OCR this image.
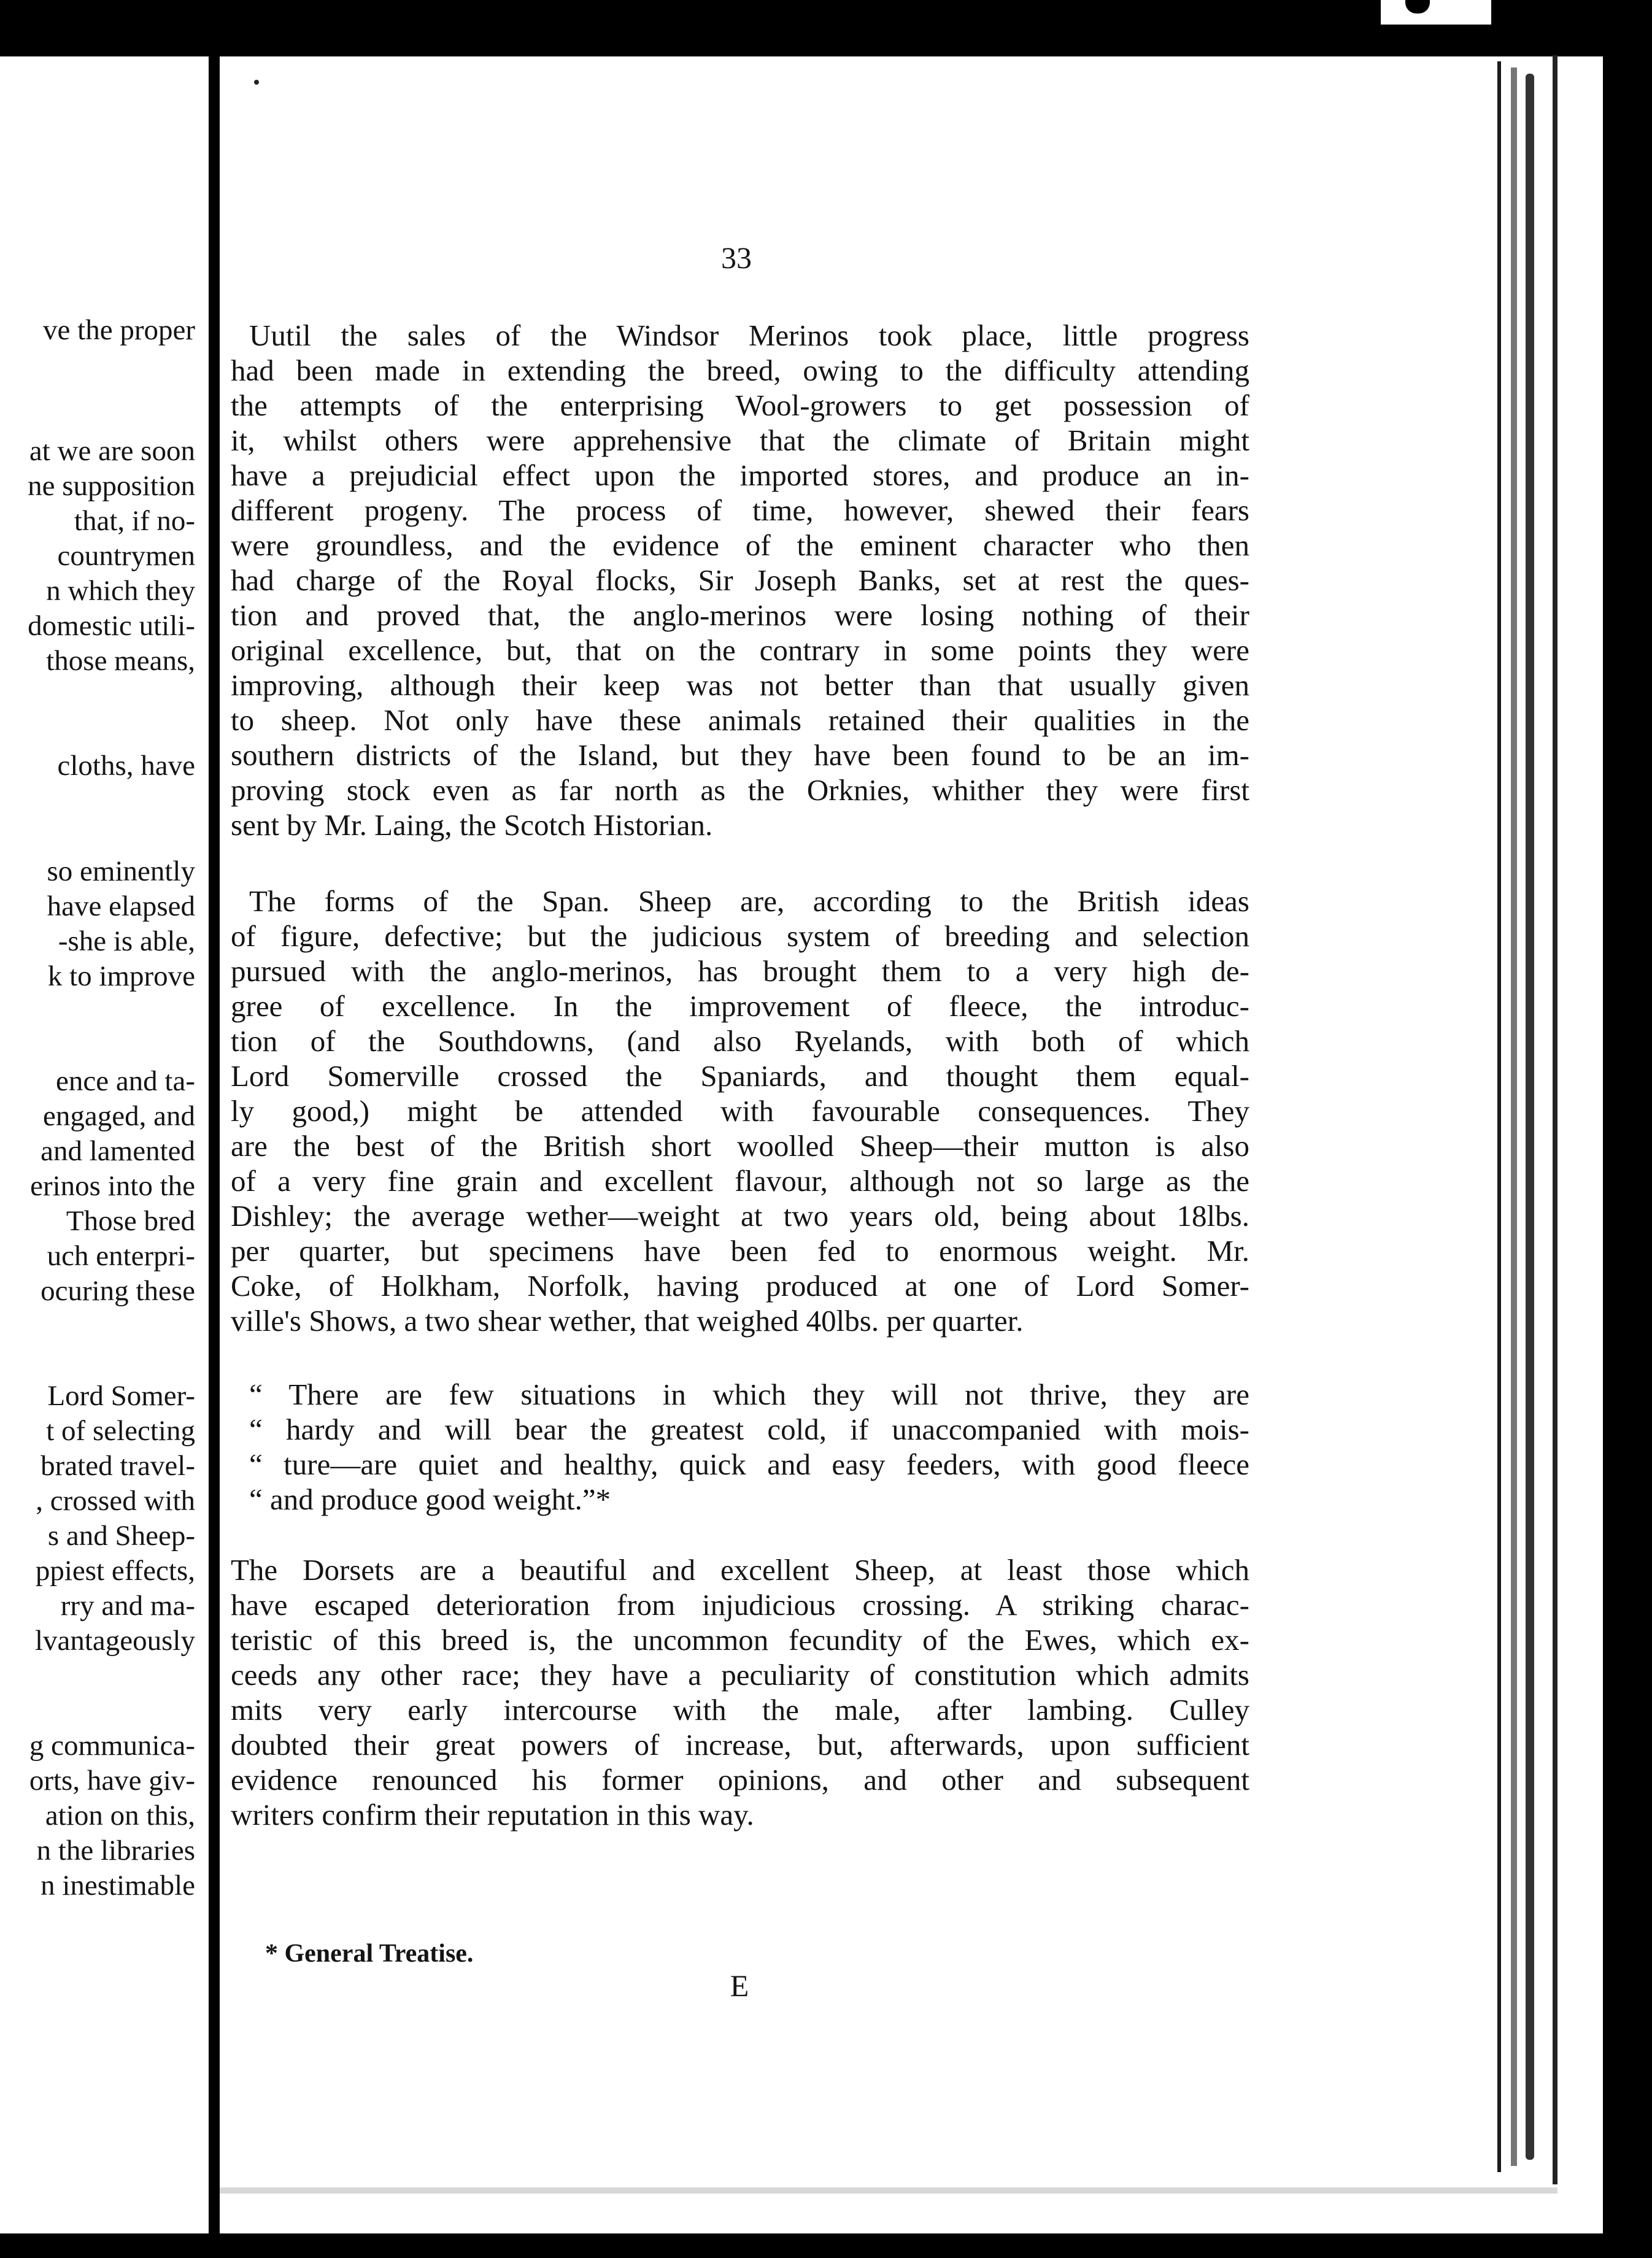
ve the proper
at we are soon
ne supposition
that, if no-
countrymen
n which they
domestic utili-
those means,
cloths, have
so eminently
have elapsed
-she is able,
k to improve
ence and ta-
engaged, and
and lamented
erinos into the
Those bred
uch enterpri-
ocuring these
Lord Somer-
t of selecting
brated travel-
, crossed with
s and Sheep-
ppiest effects,
rry and ma-
lvantageously
g communica-
orts, have giv-
ation on this,
n the libraries
n inestimable
33
Uutil the sales of the Windsor Merinos took place, little progress
had been made in extending the breed, owing to the difficulty attending
the attempts of the enterprising Wool-growers to get possession of
it, whilst others were apprehensive that the climate of Britain might
have a prejudicial effect upon the imported stores, and produce an in-
different progeny. The process of time, however, shewed their fears
were groundless, and the evidence of the eminent character who then
had charge of the Royal flocks, Sir Joseph Banks, set at rest the ques-
tion and proved that, the anglo-merinos were losing nothing of their
original excellence, but, that on the contrary in some points they were
improving, although their keep was not better than that usually given
to sheep. Not only have these animals retained their qualities in the
southern districts of the Island, but they have been found to be an im-
proving stock even as far north as the Orknies, whither they were first
sent by Mr. Laing, the Scotch Historian.
The forms of the Span. Sheep are, according to the British ideas
of figure, defective; but the judicious system of breeding and selection
pursued with the anglo-merinos, has brought them to a very high de-
gree of excellence. In the improvement of fleece, the introduc-
tion of the Southdowns, (and also Ryelands, with both of which
Lord Somerville crossed the Spaniards, and thought them equal-
ly good,) might be attended with favourable consequences. They
are the best of the British short woolled Sheep—their mutton is also
of a very fine grain and excellent flavour, although not so large as the
Dishley; the average wether—weight at two years old, being about 18lbs.
per quarter, but specimens have been fed to enormous weight. Mr.
Coke, of Holkham, Norfolk, having produced at one of Lord Somer-
ville's Shows, a two shear wether, that weighed 40lbs. per quarter.
“ There are few situations in which they will not thrive, they are
“ hardy and will bear the greatest cold, if unaccompanied with mois-
“ ture—are quiet and healthy, quick and easy feeders, with good fleece
“ and produce good weight.”*
The Dorsets are a beautiful and excellent Sheep, at least those which
have escaped deterioration from injudicious crossing. A striking charac-
teristic of this breed is, the uncommon fecundity of the Ewes, which ex-
ceeds any other race; they have a peculiarity of constitution which admits
mits very early intercourse with the male, after lambing. Culley
doubted their great powers of increase, but, afterwards, upon sufficient
evidence renounced his former opinions, and other and subsequent
writers confirm their reputation in this way.
* General Treatise.
E
